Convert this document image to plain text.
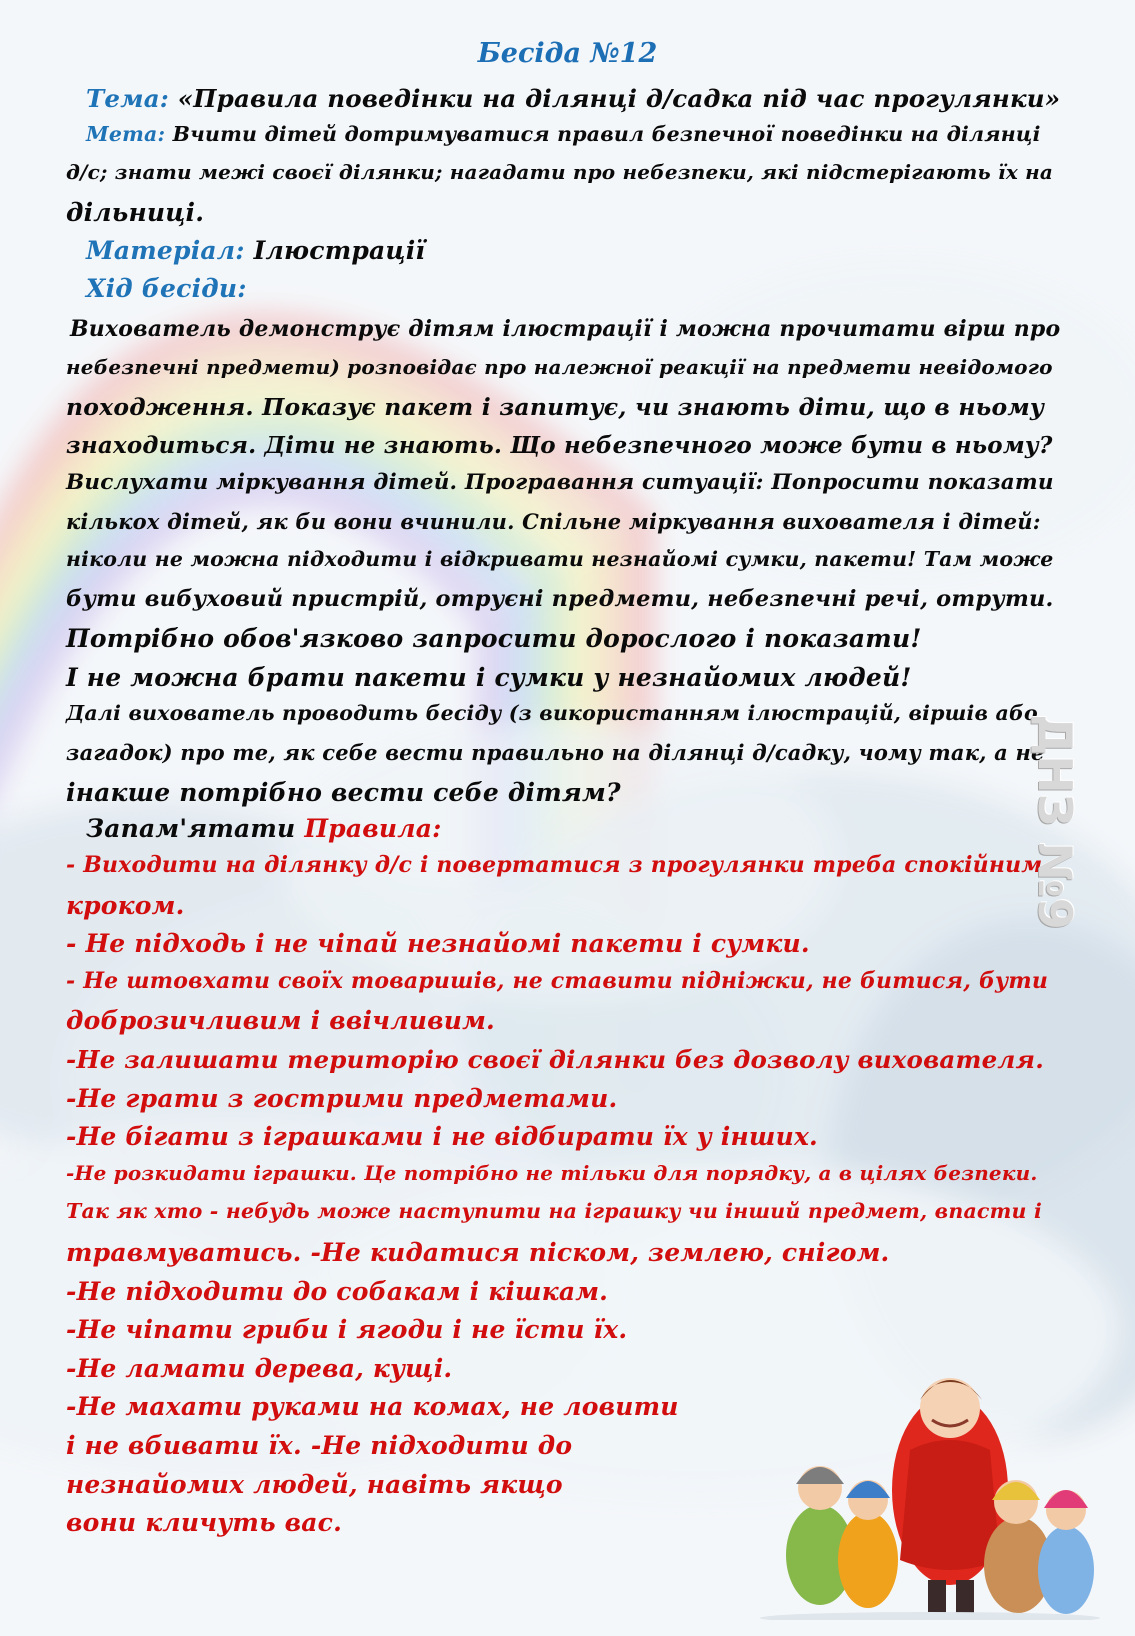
Бесіда №12
Тема: «Правила поведінки на ділянці д/садка під час прогулянки»
Мета: Вчити дітей дотримуватися правил безпечної поведінки на ділянці
д/с; знати межі своєї ділянки; нагадати про небезпеки, які підстерігають їх на
дільниці.
Матеріал: Ілюстрації
Хід бесіди:
Вихователь демонструє дітям ілюстрації і можна прочитати вірш про
небезпечні предмети) розповідає про належної реакції на предмети невідомого
походження. Показує пакет і запитує, чи знають діти, що в ньому
знаходиться. Діти не знають. Що небезпечного може бути в ньому?
Вислухати міркування дітей. Програвання ситуації: Попросити показати
кількох дітей, як би вони вчинили. Спільне міркування вихователя і дітей:
ніколи не можна підходити і відкривати незнайомі сумки, пакети! Там може
бути вибуховий пристрій, отруєні предмети, небезпечні речі, отрути.
Потрібно обов'язково запросити дорослого і показати!
І не можна брати пакети і сумки у незнайомих людей!
Далі вихователь проводить бесіду (з використанням ілюстрацій, віршів або
загадок) про те, як себе вести правильно на ділянці д/садку, чому так, а не
інакше потрібно вести себе дітям?
Запам'ятати Правила:
- Виходити на ділянку д/с і повертатися з прогулянки треба спокійним
кроком.
- Не підходь і не чіпай незнайомі пакети і сумки.
- Не штовхати своїх товаришів, не ставити підніжки, не битися, бути
доброзичливим і ввічливим.
-Не залишати територію своєї ділянки без дозволу вихователя.
-Не грати з гострими предметами.
-Не бігати з іграшками і не відбирати їх у інших.
-Не розкидати іграшки. Це потрібно не тільки для порядку, а в цілях безпеки.
Так як хто - небудь може наступити на іграшку чи інший предмет, впасти і
травмуватись. -Не кидатися піском, землею, снігом.
-Не підходити до собакам і кішкам.
-Не чіпати гриби і ягоди і не їсти їх.
-Не ламати дерева, кущі.
-Не махати руками на комах, не ловити
і не вбивати їх. -Не підходити до
незнайомих людей, навіть якщо
вони кличуть вас.
ДНЗ №9
